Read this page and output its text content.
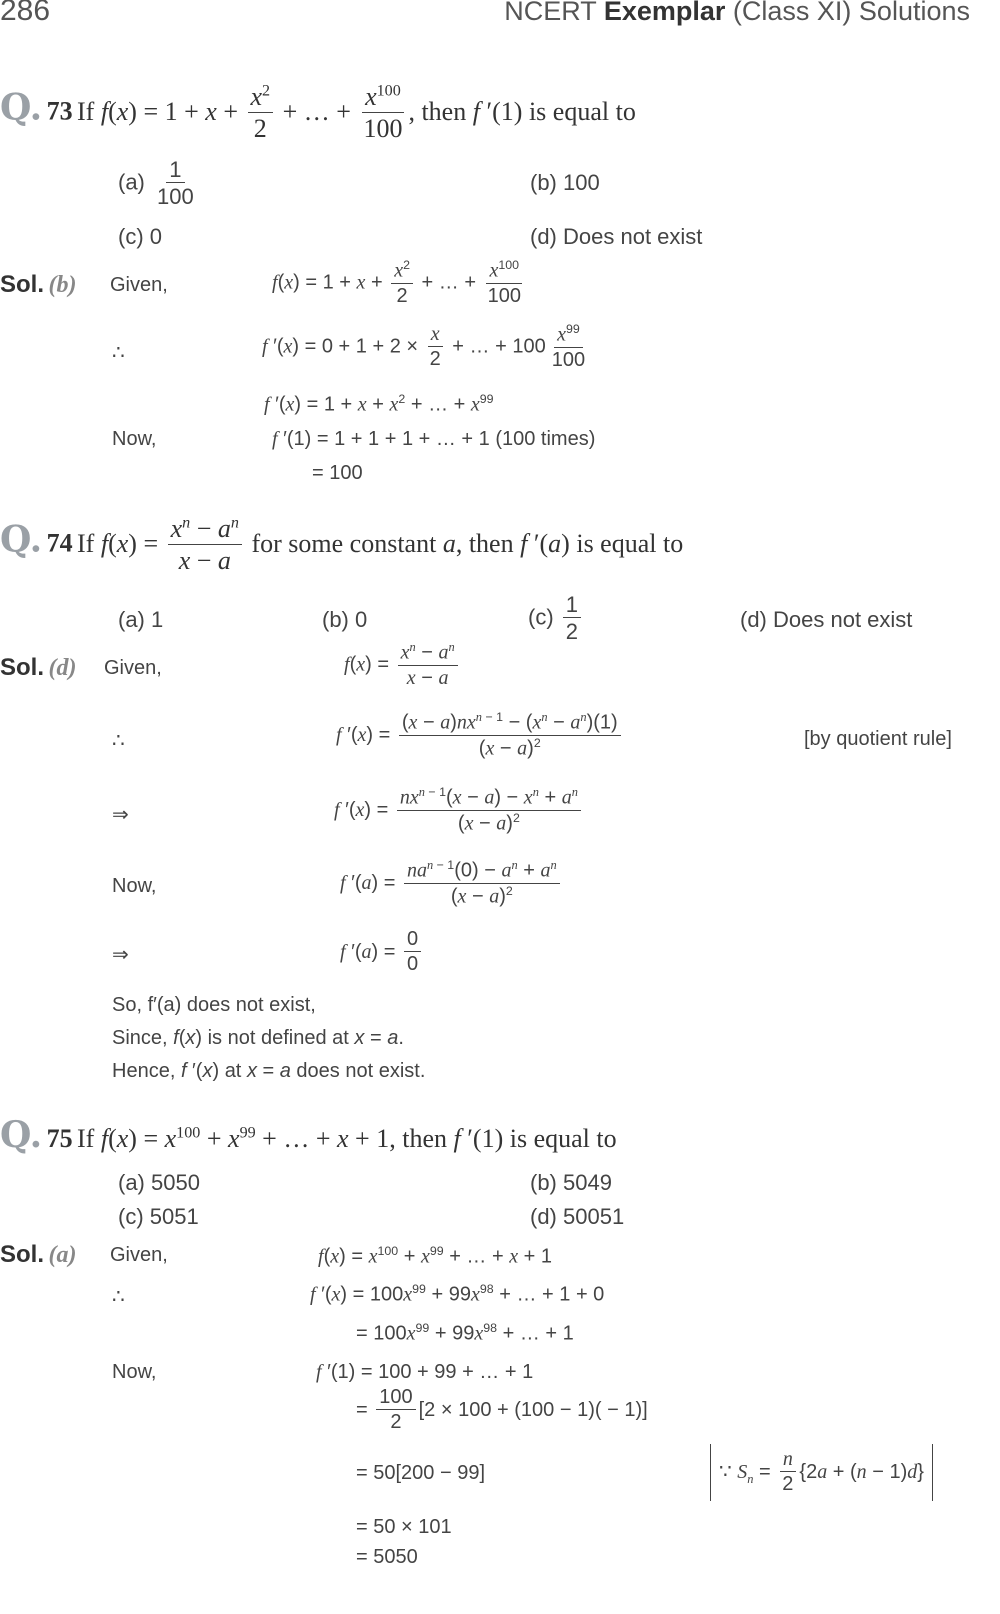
286	NCERT Exemplar (Class XI) Solutions
Q. 73 If $f(x) = 1 + x + \frac{x^2}{2}$ + … + $\frac{x^{100}}{100}$ , then f ′(1) is equal to
$(a) \frac{1}{100}$	(b) 100
(c) 0	(d) Does not exist
Sol. (b) Given,	$f(x) = 1 + x + \frac{x^2}{2}$ + … + $\frac{x^{100}}{100}$
∴	f $'(x) = 0 + 1 + 2 \times \frac{x}{2}$ + … + $100 \frac{x^{99}}{100}$
f $'(x) = 1 + x + x^2$ + … + $x^{99}$
Now,	f ′(1) = 1 + 1 + 1 + … + 1 (100 times)
= 100
Q. 74 If $f(x) = \frac{x^n - a^n}{x - a}$ for some constant a, then f ′(a) is equal to
(a) 1	(b) 0	$(c) \frac{1}{2}$	(d) Does not exist
Sol. (d) Given,	$f(x) = \frac{x^n - a^n}{x - a}$
∴	f $'(x) = \frac{(x - a)nx^{n - 1} - (x^n - a^n)(1)}{(x - a)^2}$	[by quotient rule]
⇒	f $'(x) = \frac{nx^{n - 1}(x - a) - x^n + a^n}{(x - a)^2}$
Now,	f $'(a) = \frac{na^{n - 1}(0) - a^n + a^n}{(x - a)^2}$
⇒	f $'(a) = \frac{0}{0}$
So, f′(a) does not exist,
Since, f(x) is not defined at x = a.
Hence, f ′(x) at x = a does not exist.
Q. 75 If $f(x) = x^{100} + x^{99}$ + … + x + 1, then f ′(1) is equal to
(a) 5050	(b) 5049
(c) 5051	(d) 50051
Sol. (a) Given,	$f(x) = x^{100} + x^{99}$ + … + x + 1
∴	f $'(x) = 100x^{99} + 99x^{98}$ + … + 1 + 0
= $100x^{99} + 99x^{98}$ + … + 1
Now,	f ′(1) = 100 + 99 + … + 1
= $\frac{100}{2} [2 \times 100 + (100 - 1)( - 1)]$
= 50[200 − 99]	∵ $S_n = \frac{n}{2} \{2a + (n - 1)d\}$
= 50 × 101
= 5050
